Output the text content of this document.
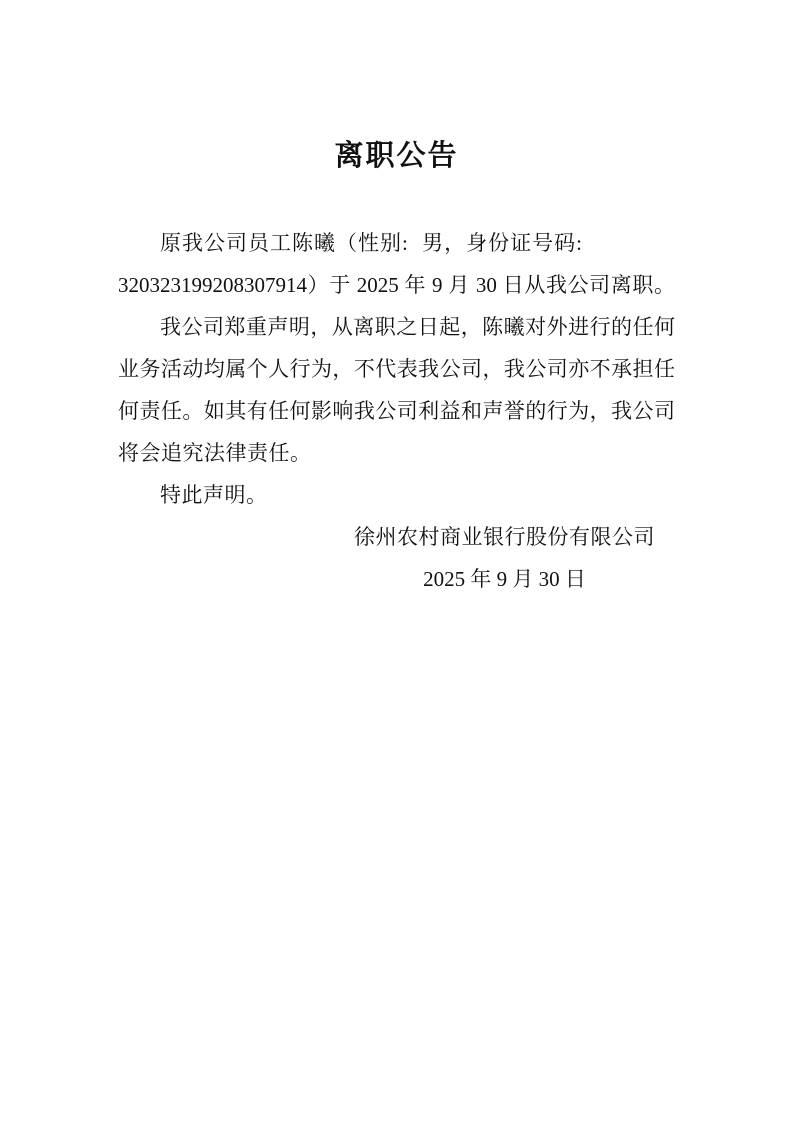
离职公告
原我公司员工陈曦（性别: 男，身份证号码:
320323199208307914）于 2025 年 9 月 30 日从我公司离职。
我公司郑重声明，从离职之日起，陈曦对外进行的任何
业务活动均属个人行为，不代表我公司，我公司亦不承担任
何责任。如其有任何影响我公司利益和声誉的行为，我公司
将会追究法律责任。
特此声明。
徐州农村商业银行股份有限公司
2025 年 9 月 30 日
